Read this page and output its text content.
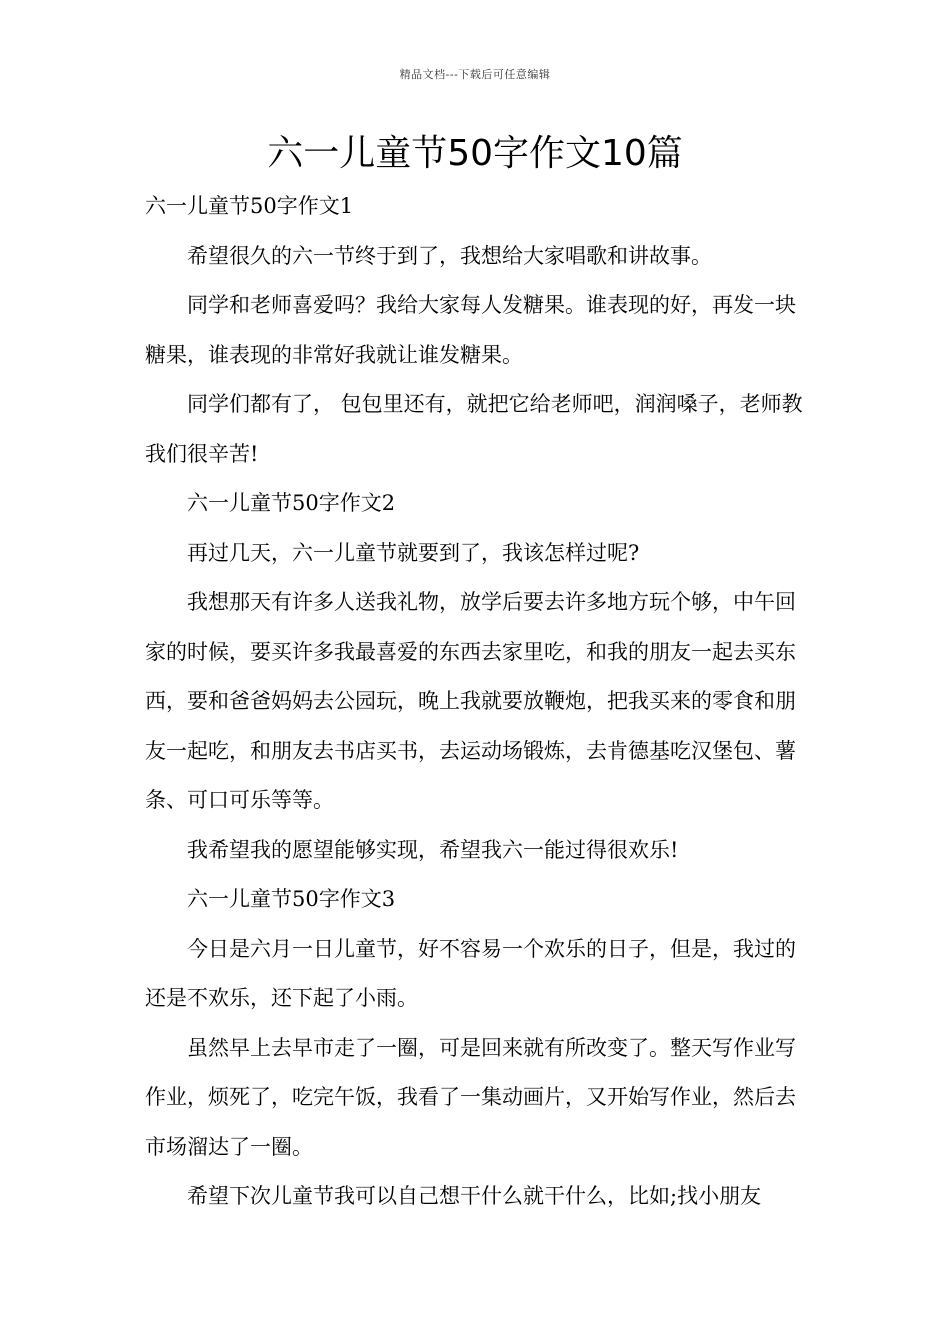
精品文档---下载后可任意编辑
六一儿童节50字作文10篇

六一儿童节50字作文1

希望很久的六一节终于到了，我想给大家唱歌和讲故事。

同学和老师喜爱吗？我给大家每人发糖果。谁表现的好，再发一块糖果，谁表现的非常好我就让谁发糖果。

同学们都有了， 包包里还有，就把它给老师吧，润润嗓子，老师教我们很辛苦!

六一儿童节50字作文2

再过几天，六一儿童节就要到了，我该怎样过呢?

我想那天有许多人送我礼物，放学后要去许多地方玩个够，中午回家的时候，要买许多我最喜爱的东西去家里吃，和我的朋友一起去买东西，要和爸爸妈妈去公园玩，晚上我就要放鞭炮，把我买来的零食和朋友一起吃，和朋友去书店买书，去运动场锻炼，去肯德基吃汉堡包、薯条、可口可乐等等。

我希望我的愿望能够实现，希望我六一能过得很欢乐!

六一儿童节50字作文3

今日是六月一日儿童节，好不容易一个欢乐的日子，但是，我过的还是不欢乐，还下起了小雨。

虽然早上去早市走了一圈，可是回来就有所改变了。整天写作业写作业，烦死了，吃完午饭，我看了一集动画片，又开始写作业，然后去市场溜达了一圈。

希望下次儿童节我可以自己想干什么就干什么，比如;找小朋友
